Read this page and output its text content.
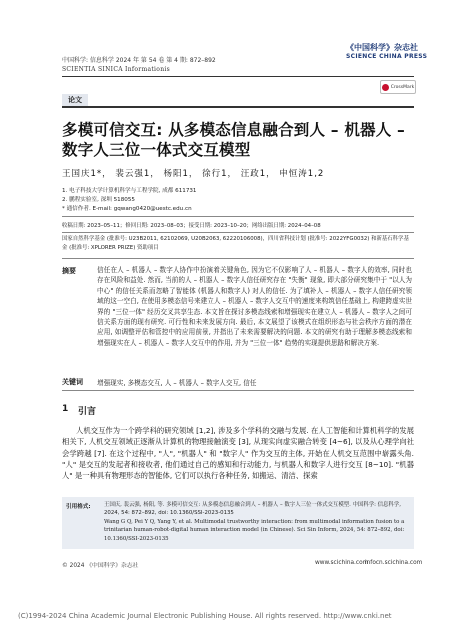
中国科学: 信息科学 2024 年 第 54 卷 第 4 期: 872–892
SCIENTIA SINICA Informationis
《中国科学》杂志社
SCIENCE CHINA PRESS
CrossMark
论文
多模可信交互: 从多模态信息融合到人 – 机器人 –
数字人三位一体式交互模型
王国庆1*， 裴云强1， 杨阳1， 徐行1， 汪政1， 申恒涛1,2
1. 电子科技大学计算机科学与工程学院, 成都 611731
2. 鹏程实验室, 深圳 518055
* 通信作者. E-mail: gqwang0420@uestc.edu.cn
收稿日期: 2023–05–11；修回日期: 2023–08–03；接受日期: 2023–10–20；网络出版日期: 2024–04–08
国家自然科学基金 (批准号: U23B2011, 62102069, U20B2063, 62220106008)，四川省科技计划 (批准号: 2022YFG0032) 和新基石科学基金 (批准号: XPLORER PRIZE) 资助项目
摘要	信任在人 – 机器人 – 数字人协作中扮演着关键角色, 因为它不仅影响了人 – 机器人 – 数字人的效率, 同时也存在风险和益处. 然而, 当前的人 – 机器人 – 数字人信任研究存在 "失衡" 现象, 即大部分研究集中于 "以人为中心" 的信任关系而忽略了智能体 (机器人和数字人) 对人的信任. 为了填补人 – 机器人 – 数字人信任研究领域的这一空白, 在使用多模态信号来建立人 – 机器人 – 数字人交互中的速度来构筑信任基础上, 构建跨虚实世界的 "三位一体" 经历交叉共享生态. 本文旨在探讨多模态线索和增强现实在建立人 – 机器人 – 数字人之间可信关系方面的现有研究. 可行性和未来发展方向. 最后, 本文展望了该模式在组织形态与社会秩序方面的潜在应用, 如调整评估和管控中的应用前景, 并指出了未来需要解决的问题. 本文的研究有助于理解多模态线索和增强现实在人 – 机器人 – 数字人交互中的作用, 并为 "三位一体" 趋势的实现提供思路和解决方案.
关键词 增强现实, 多模态交互, 人 – 机器人 – 数字人交互, 信任
1 引言
人机交互作为一个跨学科的研究领域 [1,2], 涉及多个学科的交融与发展. 在人工智能和计算机科学的发展相关下, 人机交互领域正逐渐从计算机的物理接触演变 [3], 从现实向虚实融合转变 [4~6], 以及从心理学向社会学跨越 [7]. 在这个过程中, "人", "机器人" 和 "数字人" 作为交互的主体, 开始在人机交互范围中崭露头角. "人" 是交互的发起者和接收者, 他们通过自己的感知和行动能力, 与机器人和数字人进行交互 [8~10]. "机器人" 是一种具有物理形态的智能体, 它们可以执行各种任务, 如搬运、清洁、探索
引用格式: 王国庆, 裴云强, 杨阳, 等. 多模可信交互: 从多模态信息融合到人 – 机器人 – 数字人三位一体式交互模型. 中国科学: 信息科学, 2024, 54: 872–892, doi: 10.1360/SSI-2023-0135
Wang G Q, Pei Y Q, Yang Y, et al. Multimodal trustworthy interaction: from multimodal information fusion to a trinitarian human-robot-digital human interaction model (in Chinese). Sci Sin Inform, 2024, 54: 872–892, doi: 10.1360/SSI-2023-0135
© 2024 《中国科学》杂志社	www.scichina.com
infocn.scichina.com
(C)1994-2024 China Academic Journal Electronic Publishing House. All rights reserved. http://www.cnki.net
